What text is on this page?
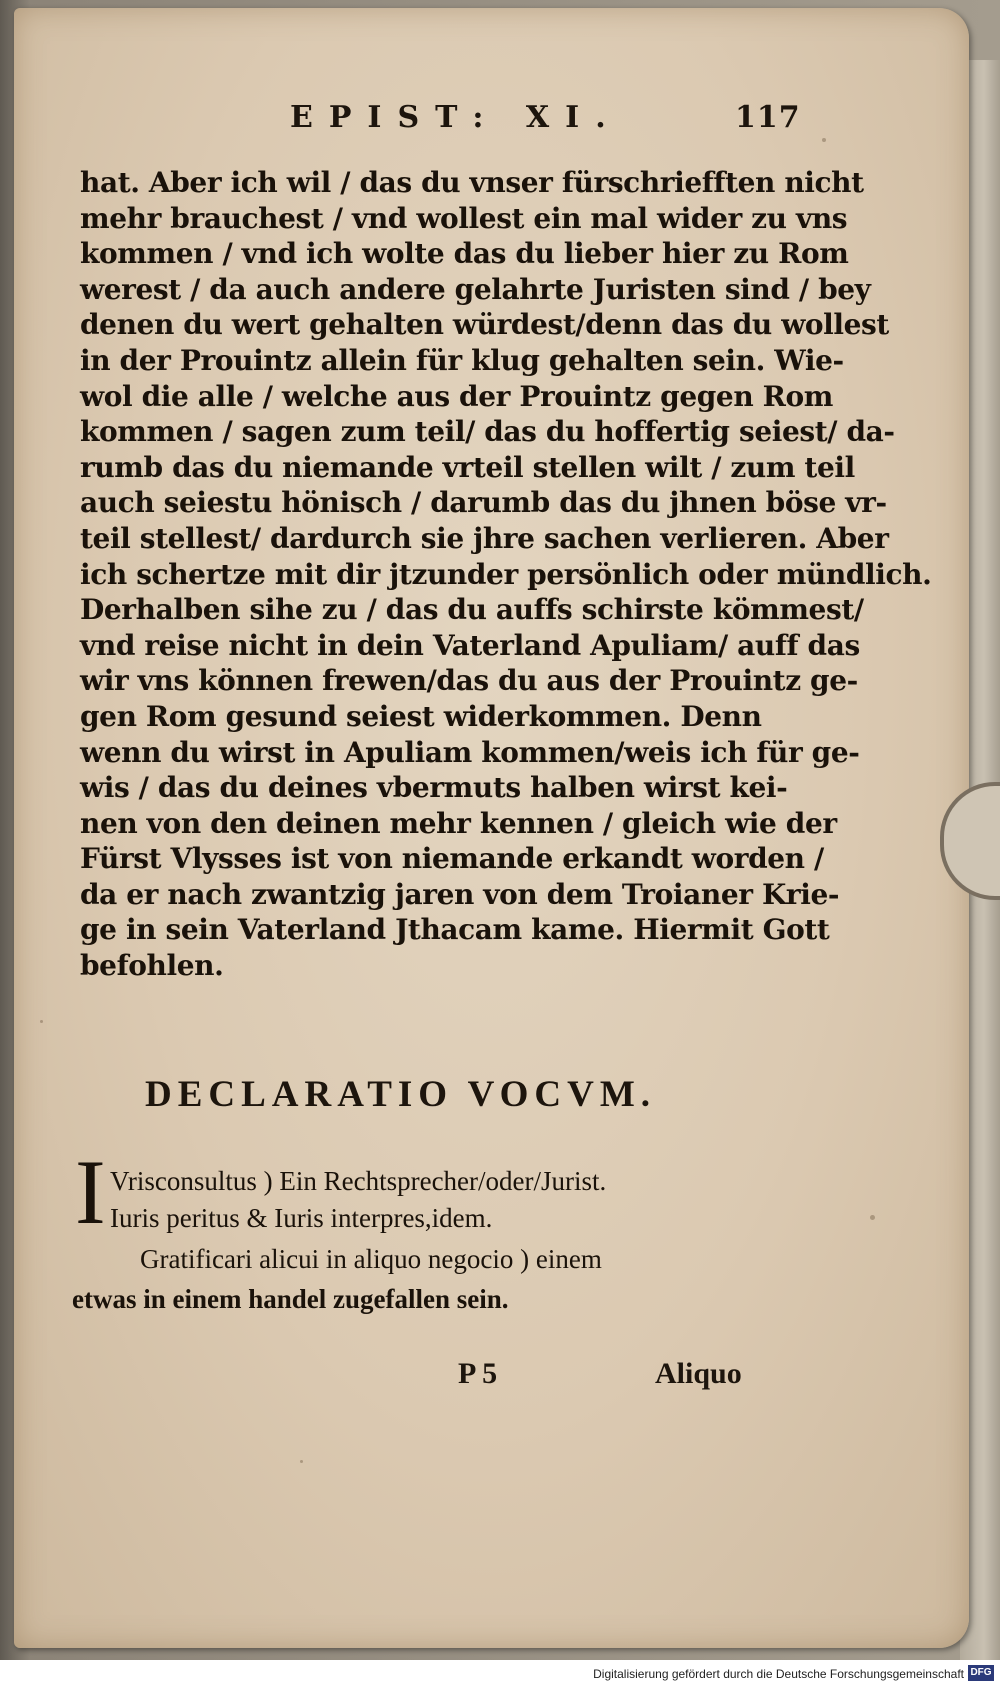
EPIST: XI.	117
hat. Aber ich wil / das du vnser fürschriefften nicht
mehr brauchest / vnd wollest ein mal wider zu vns
kommen / vnd ich wolte das du lieber hier zu Rom
werest / da auch andere gelahrte Juristen sind / bey
denen du wert gehalten würdest/denn das du wollest
in der Prouintz allein für klug gehalten sein. Wie-
wol die alle / welche aus der Prouintz gegen Rom
kommen / sagen zum teil/ das du hoffertig seiest/ da-
rumb das du niemande vrteil stellen wilt / zum teil
auch seiestu hönisch / darumb das du jhnen böse vr-
teil stellest/ dardurch sie jhre sachen verlieren. Aber
ich schertze mit dir jtzunder persönlich oder mündlich.
Derhalben sihe zu / das du auffs schirste kömmest/
vnd reise nicht in dein Vaterland Apuliam/ auff das
wir vns können frewen/das du aus der Prouintz ge-
gen Rom gesund seiest widerkommen. Denn
wenn du wirst in Apuliam kommen/weis ich für ge-
wis / das du deines vbermuts halben wirst kei-
nen von den deinen mehr kennen / gleich wie der
Fürst Vlysses ist von niemande erkandt worden /
da er nach zwantzig jaren von dem Troianer Krie-
ge in sein Vaterland Jthacam kame. Hiermit Gott
befohlen.
DECLARATIO VOCVM.
I Vrisconsultus ) Ein Rechtsprecher/oder/Jurist.
Iuris peritus & Iuris interpres,idem.
Gratificari alicui in aliquo negocio ) einem
etwas in einem handel zugefallen sein.
P 5	Aliquo
Digitalisierung gefördert durch die Deutsche Forschungsgemeinschaft DFG
